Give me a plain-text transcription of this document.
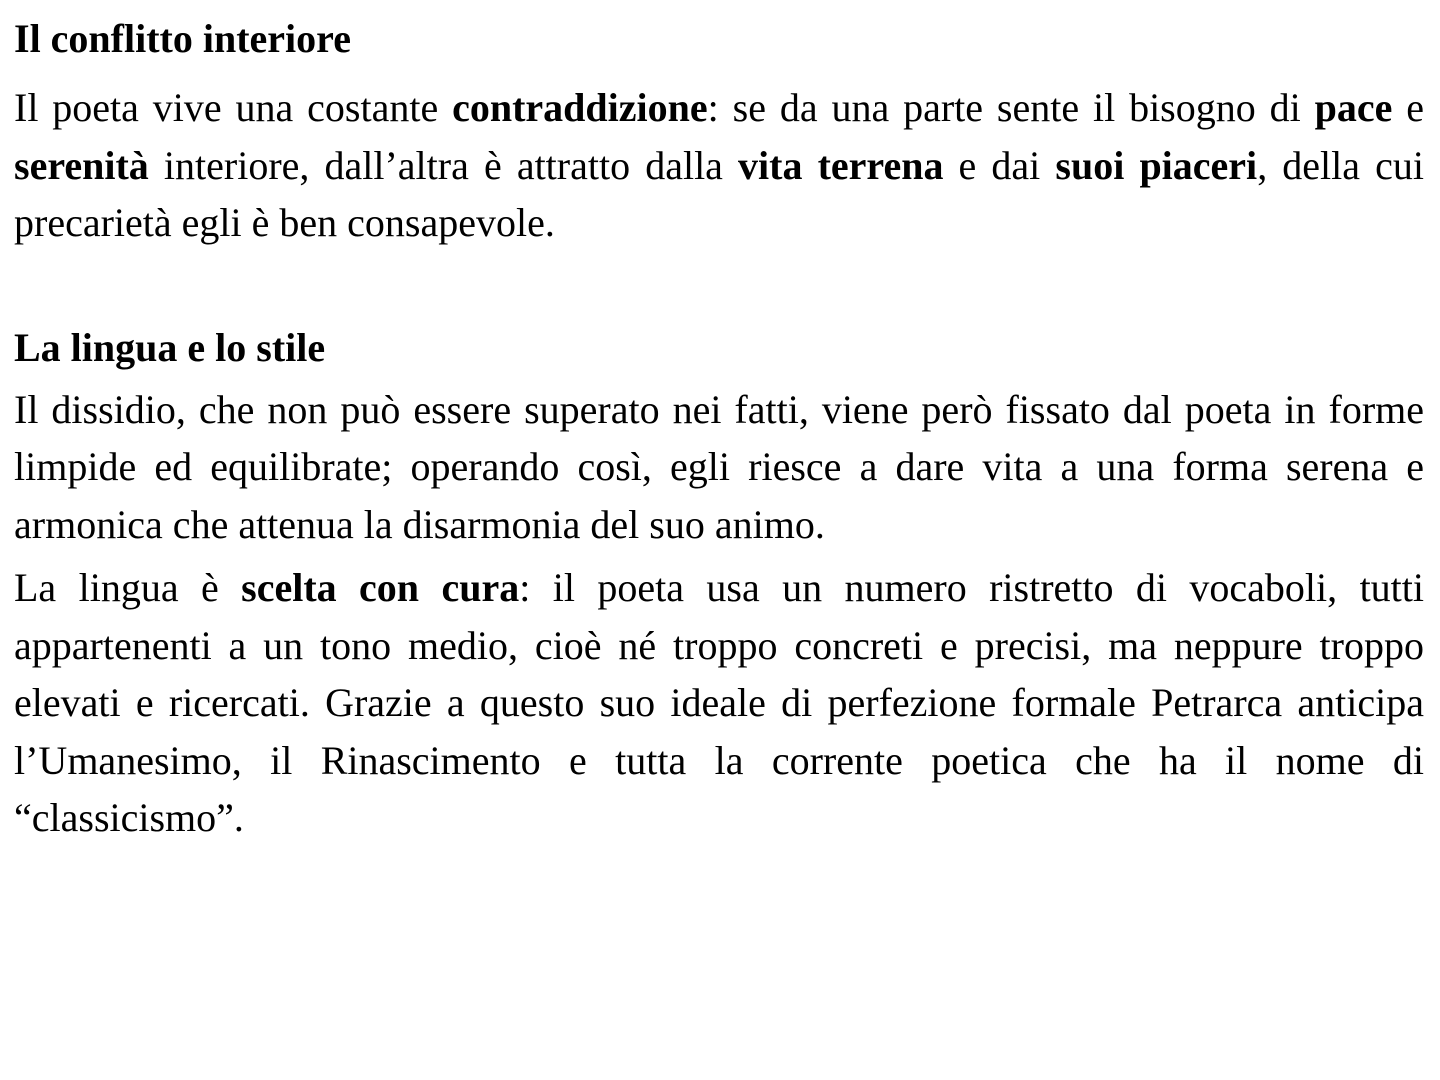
Il conflitto interiore

Il poeta vive una costante contraddizione: se da una parte sente il bisogno di pace e serenità interiore, dall’altra è attratto dalla vita terrena e dai suoi piaceri, della cui precarietà egli è ben consapevole.

La lingua e lo stile

Il dissidio, che non può essere superato nei fatti, viene però fissato dal poeta in forme limpide ed equilibrate; operando così, egli riesce a dare vita a una forma serena e armonica che attenua la disarmonia del suo animo.

La lingua è scelta con cura: il poeta usa un numero ristretto di vocaboli, tutti appartenenti a un tono medio, cioè né troppo concreti e precisi, ma neppure troppo elevati e ricercati. Grazie a questo suo ideale di perfezione formale Petrarca anticipa l’Umanesimo, il Rinascimento e tutta la corrente poetica che ha il nome di “classicismo”.
